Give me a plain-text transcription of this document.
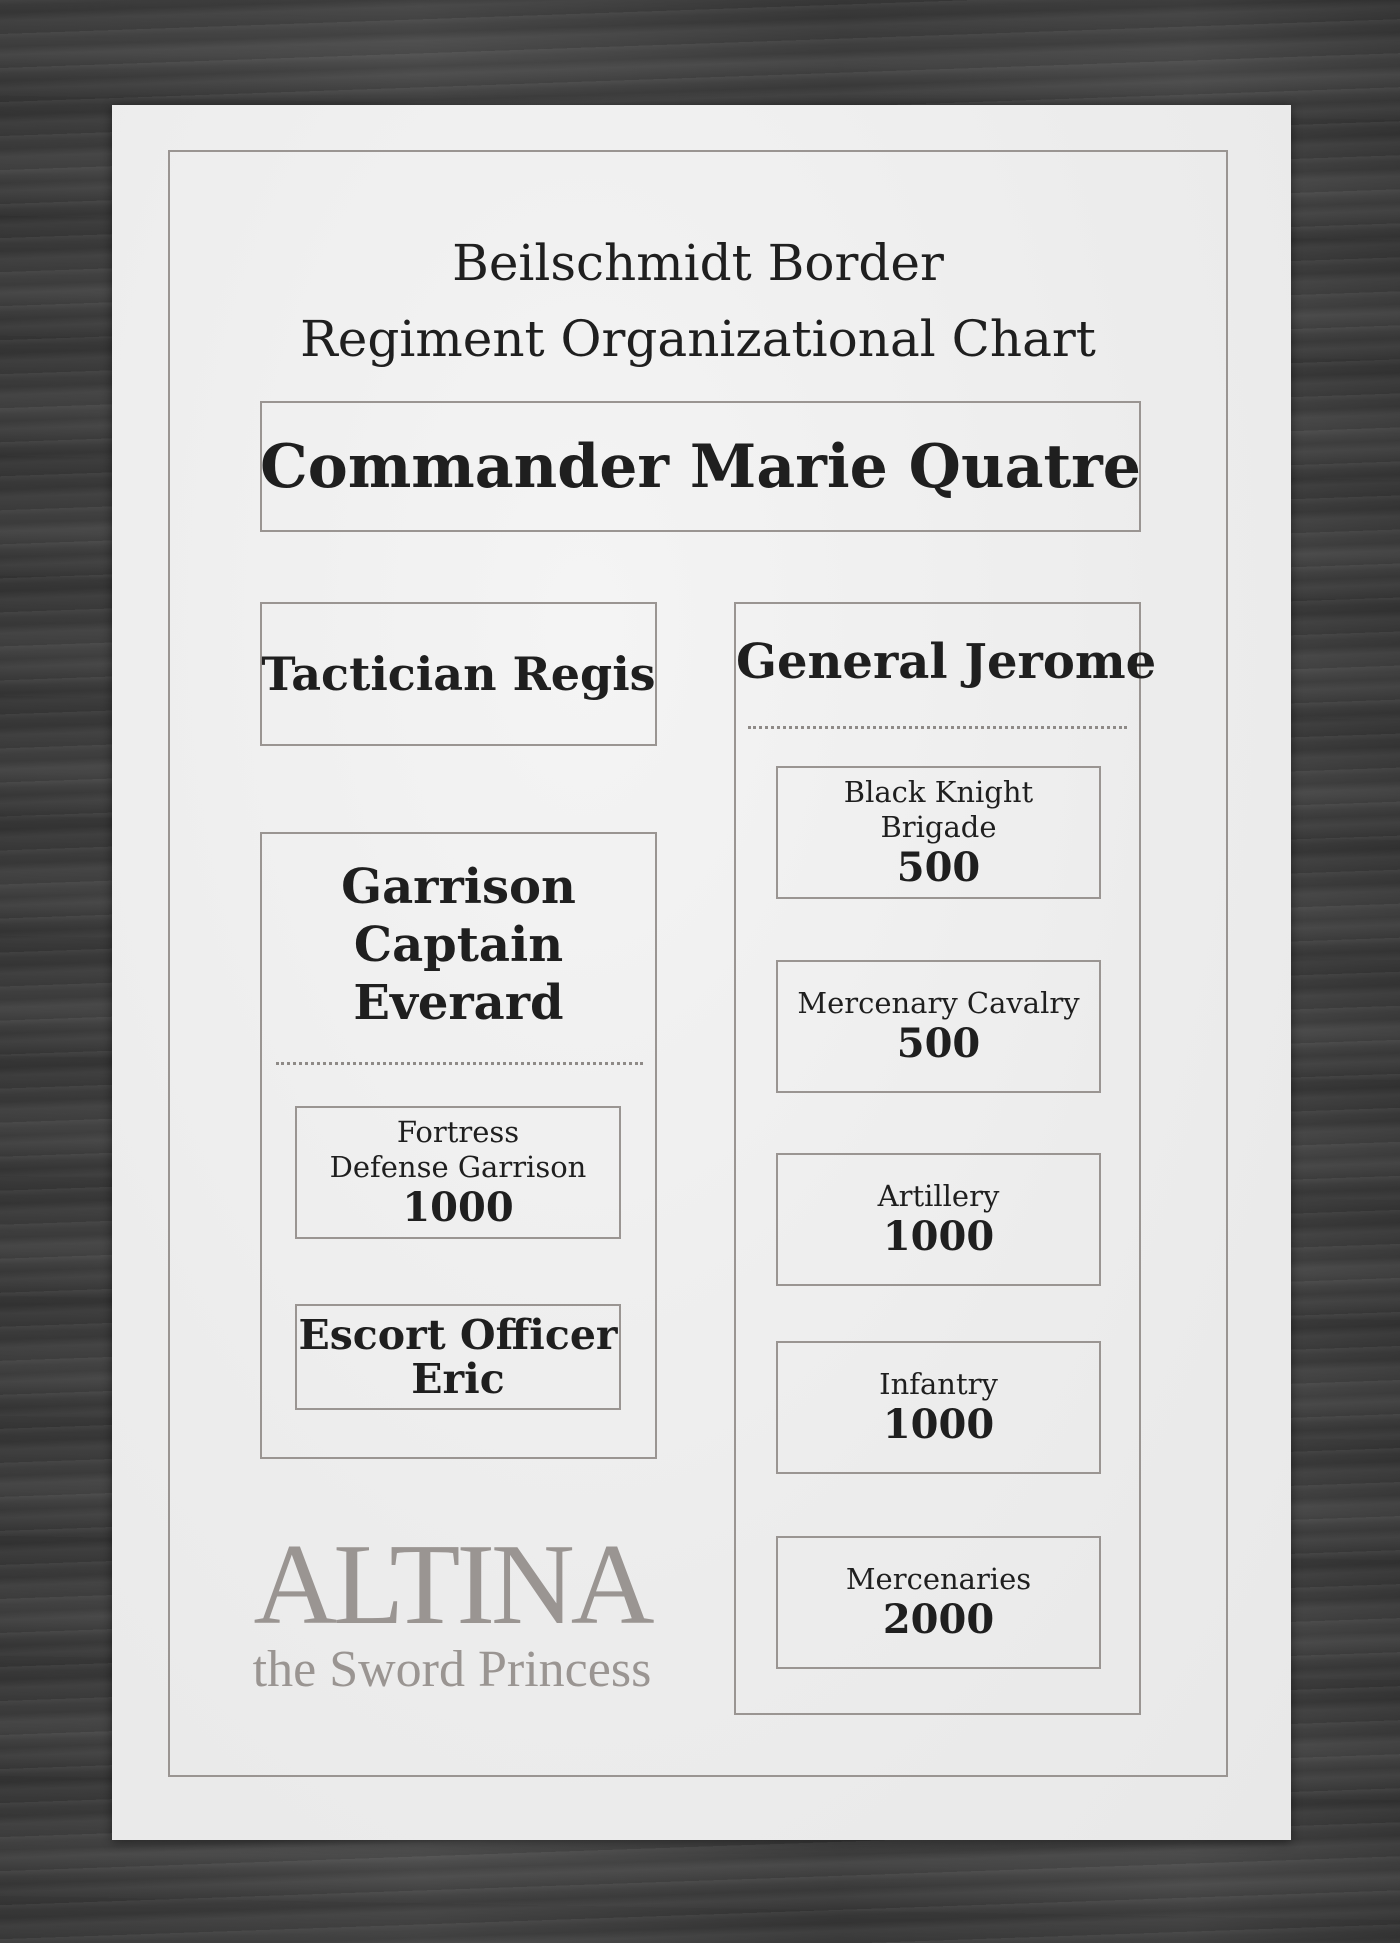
Beilschmidt Border
Regiment Organizational Chart
Commander Marie Quatre
Tactician Regis
Garrison
Captain
Everard
Fortress
Defense Garrison
1000
Escort Officer
Eric
General Jerome
Black Knight
Brigade
500
Mercenary Cavalry
500
Artillery
1000
Infantry
1000
Mercenaries
2000
ALTINA
the Sword Princess
